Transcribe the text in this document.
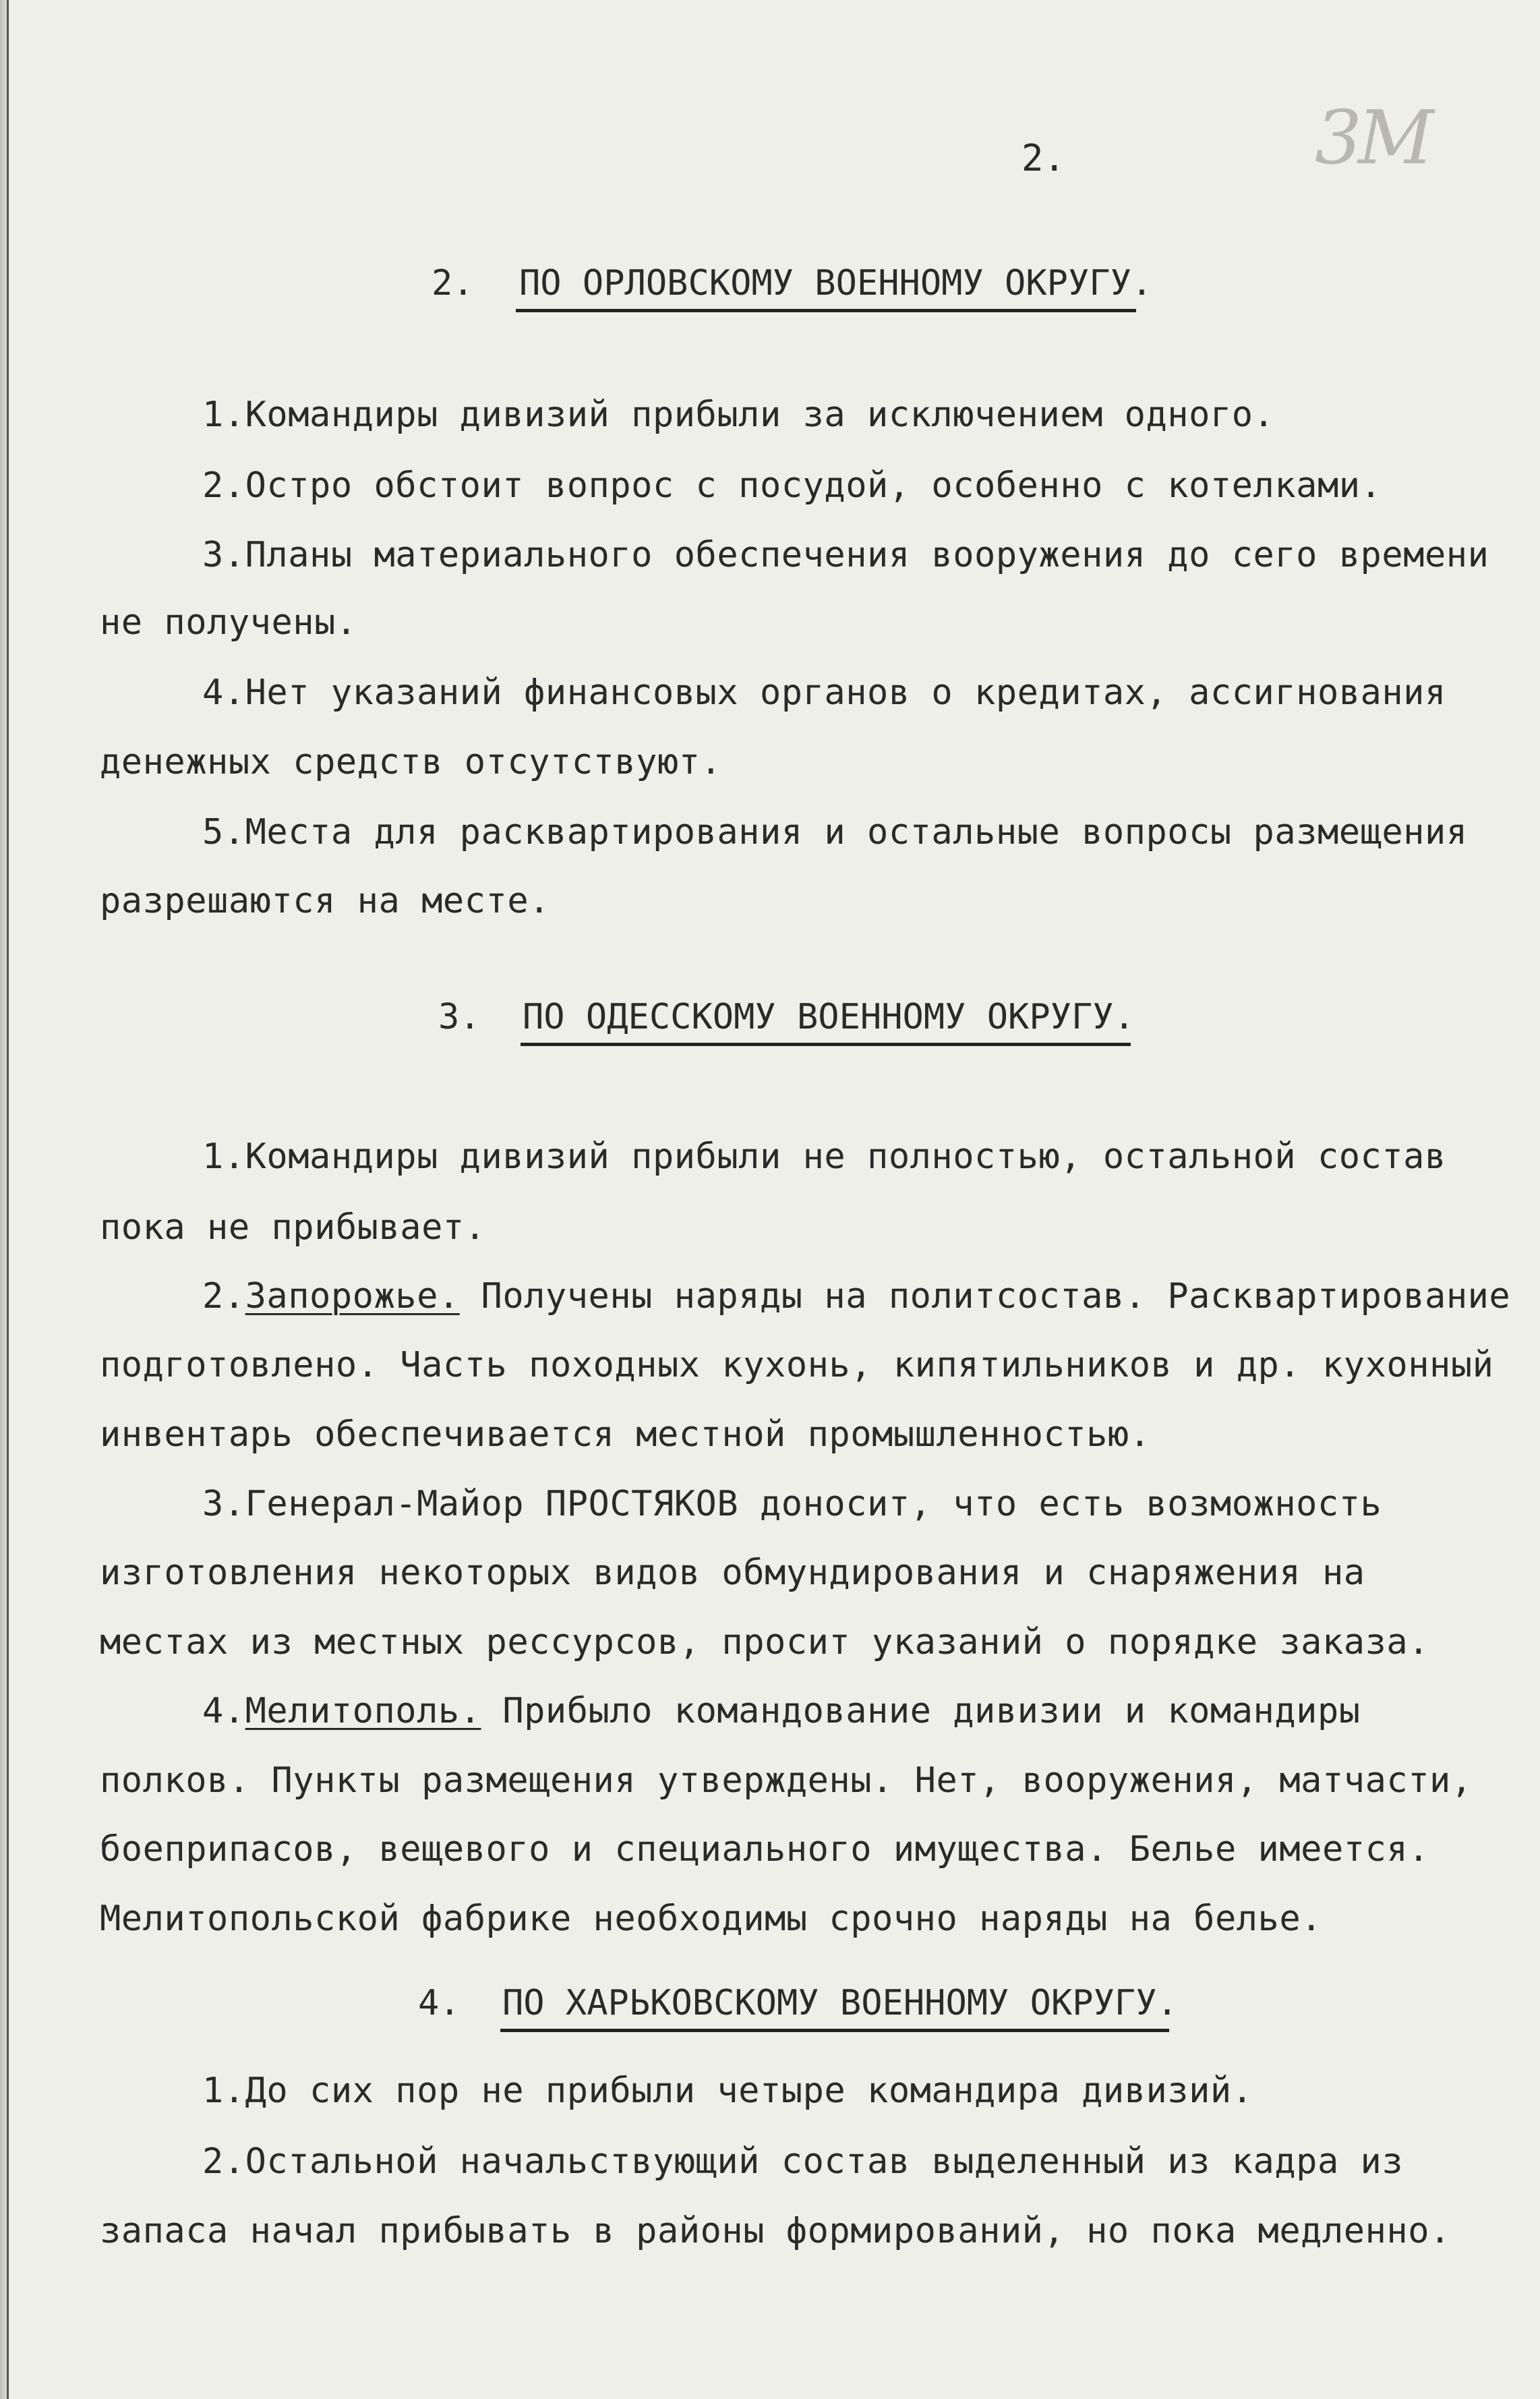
2.	3M
2. ПО ОРЛОВСКОМУ ВОЕННОМУ ОКРУГУ.
1.Командиры дивизий прибыли за исключением одного.
2.Остро обстоит вопрос с посудой, особенно с котелками.
3.Планы материального обеспечения вооружения до сего времени
не получены.
4.Нет указаний финансовых органов о кредитах, ассигнования
денежных средств отсутствуют.
5.Места для расквартирования и остальные вопросы размещения
разрешаются на месте.
3. ПО ОДЕССКОМУ ВОЕННОМУ ОКРУГУ.
1.Командиры дивизий прибыли не полностью, остальной состав
пока не прибывает.
2.Запорожье. Получены наряды на политсостав. Расквартирование
подготовлено. Часть походных кухонь, кипятильников и др. кухонный
инвентарь обеспечивается местной промышленностью.
3.Генерал-Майор ПРОСТЯКОВ доносит, что есть возможность
изготовления некоторых видов обмундирования и снаряжения на
местах из местных рессурсов, просит указаний о порядке заказа.
4.Мелитополь. Прибыло командование дивизии и командиры
полков. Пункты размещения утверждены. Нет, вооружения, матчасти,
боеприпасов, вещевого и специального имущества. Белье имеется.
Мелитопольской фабрике необходимы срочно наряды на белье.
4. ПО ХАРЬКОВСКОМУ ВОЕННОМУ ОКРУГУ.
1.До сих пор не прибыли четыре командира дивизий.
2.Остальной начальствующий состав выделенный из кадра из
запаса начал прибывать в районы формирований, но пока медленно.
